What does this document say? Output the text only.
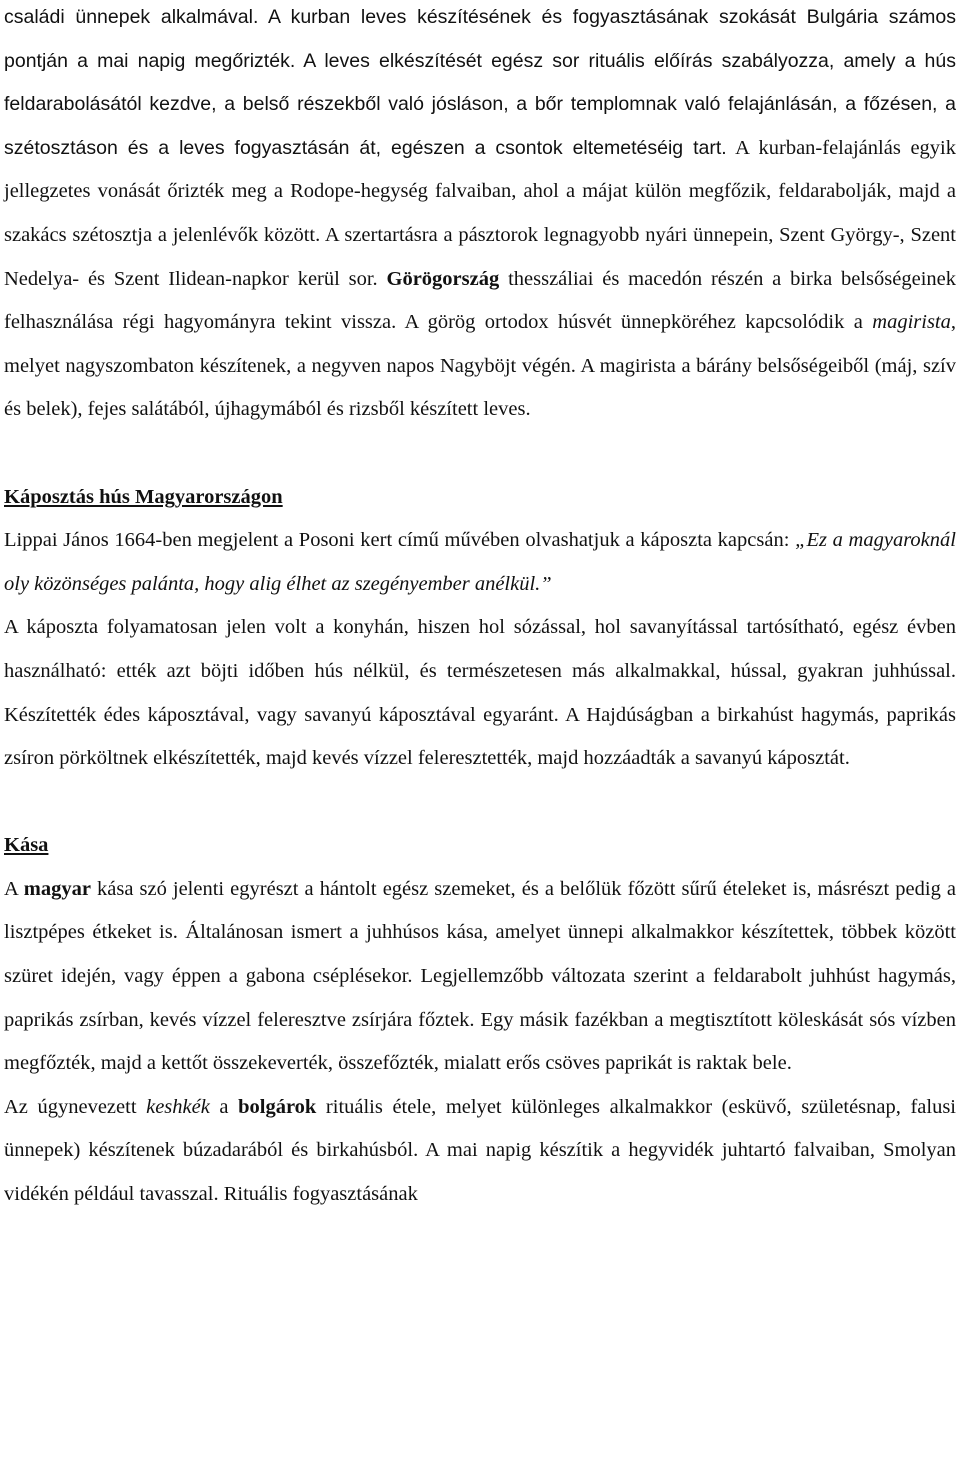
családi ünnepek alkalmával. A kurban leves készítésének és fogyasztásának szokását Bulgária számos pontján a mai napig megőrizték. A leves elkészítését egész sor rituális előírás szabályozza, amely a hús feldarabolásától kezdve, a belső részekből való jósláson, a bőr templomnak való felajánlásán, a főzésen, a szétosztáson és a leves fogyasztásán át, egészen a csontok eltemetéséig tart. A kurban-felajánlás egyik jellegzetes vonását őrizték meg a Rodope-hegység falvaiban, ahol a májat külön megfőzik, feldarabolják, majd a szakács szétosztja a jelenlévők között. A szertartásra a pásztorok legnagyobb nyári ünnepein, Szent György-, Szent Nedelya- és Szent Ilidean-napkor kerül sor. Görögország thesszáliai és macedón részén a birka belsőségeinek felhasználása régi hagyományra tekint vissza. A görög ortodox húsvét ünnepköréhez kapcsolódik a magirista, melyet nagyszombaton készítenek, a negyven napos Nagyböjt végén. A magirista a bárány belsőségeiből (máj, szív és belek), fejes salátából, újhagymából és rizsből készített leves.

Káposztás hús Magyarországon

Lippai János 1664-ben megjelent a Posoni kert című művében olvashatjuk a káposzta kapcsán: „Ez a magyaroknál oly közönséges palánta, hogy alig élhet az szegényember anélkül.”

A káposzta folyamatosan jelen volt a konyhán, hiszen hol sózással, hol savanyítással tartósítható, egész évben használható: ették azt böjti időben hús nélkül, és természetesen más alkalmakkal, hússal, gyakran juhhússal. Készítették édes káposztával, vagy savanyú káposztával egyaránt. A Hajdúságban a birkahúst hagymás, paprikás zsíron pörköltnek elkészítették, majd kevés vízzel feleresztették, majd hozzáadták a savanyú káposztát.

Kása

A magyar kása szó jelenti egyrészt a hántolt egész szemeket, és a belőlük főzött sűrű ételeket is, másrészt pedig a lisztpépes étkeket is. Általánosan ismert a juhhúsos kása, amelyet ünnepi alkalmakkor készítettek, többek között szüret idején, vagy éppen a gabona cséplésekor. Legjellemzőbb változata szerint a feldarabolt juhhúst hagymás, paprikás zsírban, kevés vízzel feleresztve zsírjára főztek. Egy másik fazékban a megtisztított köleskását sós vízben megfőzték, majd a kettőt összekeverték, összefőzték, mialatt erős csöves paprikát is raktak bele.

Az úgynevezett keshkék a bolgárok rituális étele, melyet különleges alkalmakkor (esküvő, születésnap, falusi ünnepek) készítenek búzadarából és birkahúsból. A mai napig készítik a hegyvidék juhtartó falvaiban, Smolyan vidékén például tavasszal. Rituális fogyasztásának
